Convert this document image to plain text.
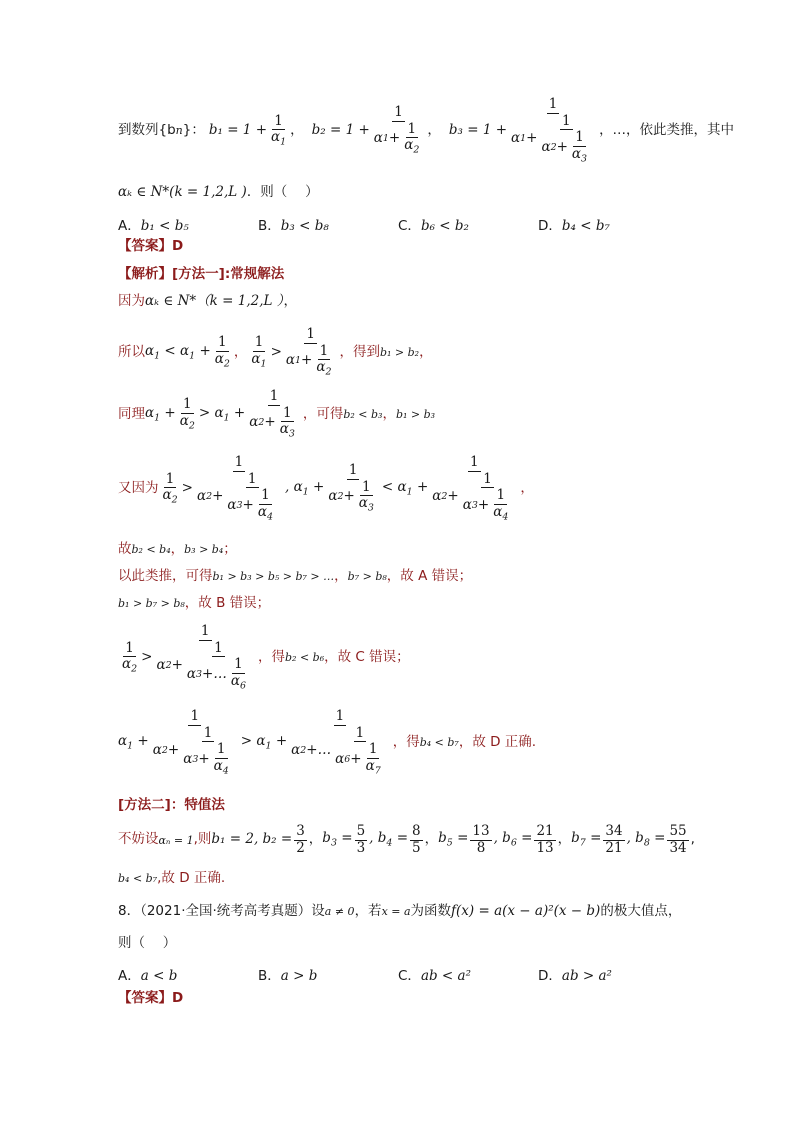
到数列{b n }： $b_1 = 1 + \frac{1}{\alpha_1}$ ， $b_2 = 1 + \frac{1}{\alpha 1 + \frac{1}{\alpha_2}}$ ， $b_3 = 1 + \frac{1}{\alpha 1 + \frac{1}{\alpha 2 + \frac{1}{\alpha_3}}}$ ，…，依此类推，其中
αₖ ∈ N*(k = 1,2,L )．则（　 ）
A．b₁ < b₅	B．b₃ < b₈	C．b₆ < b₂	D．b₄ < b₇
【答案】D
【解析】[方法一]:常规解法
因为αₖ ∈ N*（k = 1,2,L ），
所以 $\alpha_1 < \alpha_1 + \frac{1}{\alpha_2}$ ， $\frac{1}{\alpha_1} > \frac{1}{\alpha 1 + \frac{1}{\alpha_2}}$ ，得到 b₁ > b₂ ，
同理 $\alpha_1 + \frac{1}{\alpha_2} > \alpha_1 + \frac{1}{\alpha 2 + \frac{1}{\alpha_3}}$ ，可得 b₂ < b₃ ， b₁ > b₃
又因为 $\frac{1}{\alpha_2} > \frac{1}{\alpha 2 + \frac{1}{\alpha 3 + \frac{1}{\alpha_4}}}$ , $\alpha_1 + \frac{1}{\alpha 2 + \frac{1}{\alpha_3}} < \alpha_1 + \frac{1}{\alpha 2 + \frac{1}{\alpha 3 + \frac{1}{\alpha_4}}}$ ，
故b₂ < b₄，b₃ > b₄；
以此类推，可得b₁ > b₃ > b₅ > b₇ > …，b₇ > b₈，故 A 错误；
b₁ > b₇ > b₈，故 B 错误；
$\frac{1}{\alpha_2} > \frac{1}{\alpha 2 + \frac{1}{\alpha 3 +\dots \frac{1}{\alpha_6}}}$ ，得 b₂ < b₆ ，故 C 错误；
$\alpha_1 + \frac{1}{\alpha 2 + \frac{1}{\alpha 3 + \frac{1}{\alpha_4}}} > \alpha_1 + \frac{1}{\alpha 2 +\dots \frac{1}{\alpha 6 + \frac{1}{\alpha_7}}}$ ，得 b₄ < b₇ ，故 D 正确.
[方法二]：特值法
不妨设 αₙ = 1 ,则 b₁ = 2, $b_2 = \frac{3}{2}$ ， $b_3 = \frac{5}{3}$ , $b_4 = \frac{8}{5}$ ， $b_5 = \frac{13}{8}$ , $b_6 = \frac{21}{13}$ ， $b_7 = \frac{34}{21}$ , $b_8 = \frac{55}{34}$ ,
b₄ < b₇,故 D 正确.
8．（2021·全国·统考高考真题）设a ≠ 0，若x = a为函数f(x) = a(x − a)²(x − b)的极大值点，
则（　 ）
A．a < b	B．a > b	C．ab < a²	D．ab > a²
【答案】D
